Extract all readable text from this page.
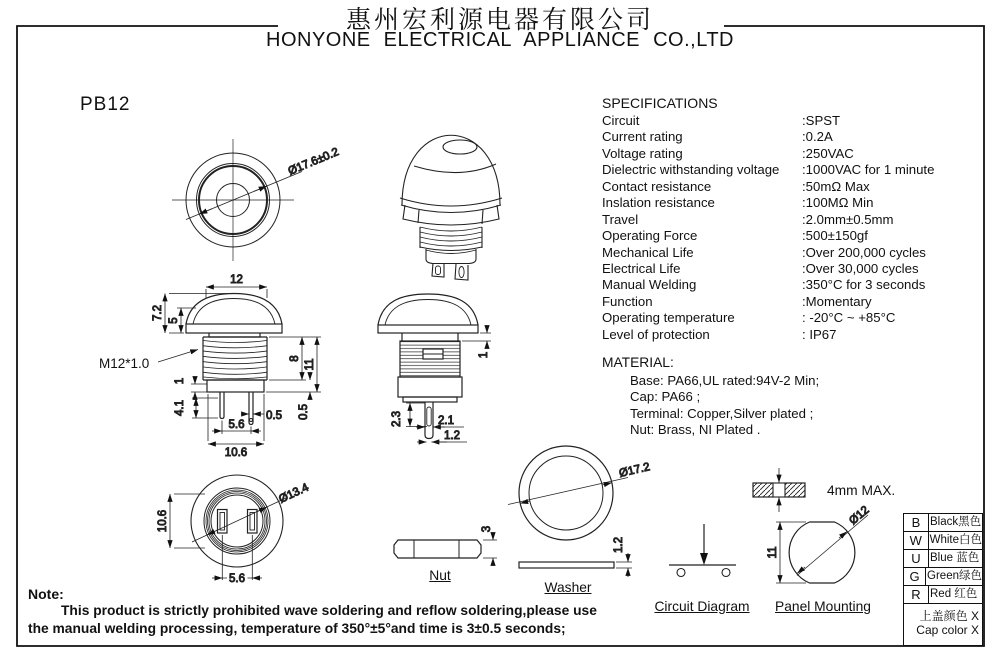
Ø17.6±0.2
12
7.2 5
8
11
1
4.1	0.5
5.6
10.6
0.5
1
2.3	2.1
1.2
Ø13.4
10.6
5.6
3
Ø17.2
1.2	11
Ø12
惠州宏利源电器有限公司
HONYONE ELECTRICAL APPLIANCE CO.,LTD
PB12	SPECIFICATIONS
Circuit	:SPST
Current rating	:0.2A
Voltage rating	:250VAC
Dielectric withstanding voltage :1000VAC for 1 minute
Contact resistance	:50mΩ Max
Inslation resistance	:100MΩ Min
Travel	:2.0mm±0.5mm
Operating Force	:500±150gf
Mechanical Life	:Over 200,000 cycles
Electrical Life	:Over 30,000 cycles
Manual Welding	:350°C for 3 seconds
Function	:Momentary
Operating temperature	: -20°C ~ +85°C
Level of protection	: IP67
MATERIAL:
Base: PA66,UL rated:94V-2 Min;
Cap: PA66 ;
Terminal: Copper,Silver plated ;
Nut: Brass, NI Plated .
M12*1.0
Nut
Washer
Circuit Diagram	Panel Mounting
4mm MAX.
Note:
This product is strictly prohibited wave soldering and reflow soldering,please use
the manual welding processing, temperature of 350°±5°and time is 3±0.5 seconds;
B Black黑色
W White白色
U Blue 蓝色
G Green绿色
R Red 红色
上盖颜色 X
Cap color X
